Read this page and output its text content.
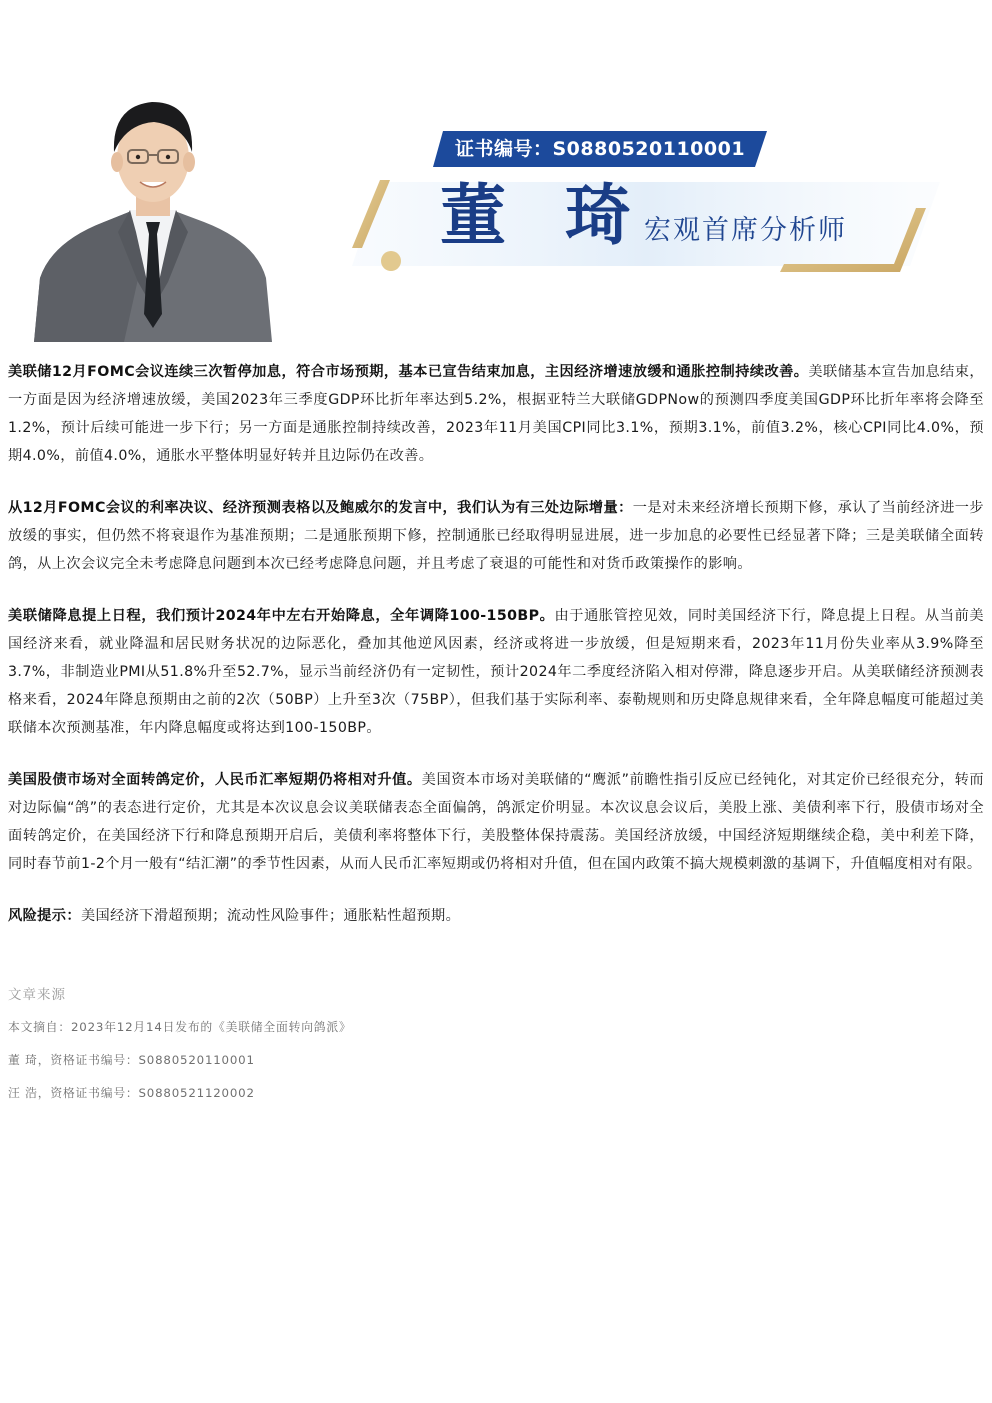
证书编号：S0880520110001
董 琦
宏观首席分析师

美联储12月FOMC会议连续三次暂停加息，符合市场预期，基本已宣告结束加息，主因经济增速放缓和通胀控制持续改善。美联储基本宣告加息结束，一方面是因为经济增速放缓，美国2023年三季度GDP环比折年率达到5.2%，根据亚特兰大联储GDPNow的预测四季度美国GDP环比折年率将会降至1.2%，预计后续可能进一步下行；另一方面是通胀控制持续改善，2023年11月美国CPI同比3.1%，预期3.1%，前值3.2%，核心CPI同比4.0%，预期4.0%，前值4.0%，通胀水平整体明显好转并且边际仍在改善。

从12月FOMC会议的利率决议、经济预测表格以及鲍威尔的发言中，我们认为有三处边际增量：一是对未来经济增长预期下修，承认了当前经济进一步放缓的事实，但仍然不将衰退作为基准预期；二是通胀预期下修，控制通胀已经取得明显进展，进一步加息的必要性已经显著下降；三是美联储全面转鸽，从上次会议完全未考虑降息问题到本次已经考虑降息问题，并且考虑了衰退的可能性和对货币政策操作的影响。

美联储降息提上日程，我们预计2024年中左右开始降息，全年调降100-150BP。由于通胀管控见效，同时美国经济下行，降息提上日程。从当前美国经济来看，就业降温和居民财务状况的边际恶化，叠加其他逆风因素，经济或将进一步放缓，但是短期来看，2023年11月份失业率从3.9%降至3.7%，非制造业PMI从51.8%升至52.7%，显示当前经济仍有一定韧性，预计2024年二季度经济陷入相对停滞，降息逐步开启。从美联储经济预测表格来看，2024年降息预期由之前的2次（50BP）上升至3次（75BP），但我们基于实际利率、泰勒规则和历史降息规律来看，全年降息幅度可能超过美联储本次预测基准，年内降息幅度或将达到100-150BP。

美国股债市场对全面转鸽定价，人民币汇率短期仍将相对升值。美国资本市场对美联储的“鹰派”前瞻性指引反应已经钝化，对其定价已经很充分，转而对边际偏“鸽”的表态进行定价，尤其是本次议息会议美联储表态全面偏鸽，鸽派定价明显。本次议息会议后，美股上涨、美债利率下行，股债市场对全面转鸽定价，在美国经济下行和降息预期开启后，美债利率将整体下行，美股整体保持震荡。美国经济放缓，中国经济短期继续企稳，美中利差下降，同时春节前1-2个月一般有“结汇潮”的季节性因素，从而人民币汇率短期或仍将相对升值，但在国内政策不搞大规模刺激的基调下，升值幅度相对有限。

风险提示：美国经济下滑超预期；流动性风险事件；通胀粘性超预期。

文章来源
本文摘自：2023年12月14日发布的《美联储全面转向鸽派》
董 琦，资格证书编号：S0880520110001
汪 浩，资格证书编号：S0880521120002
